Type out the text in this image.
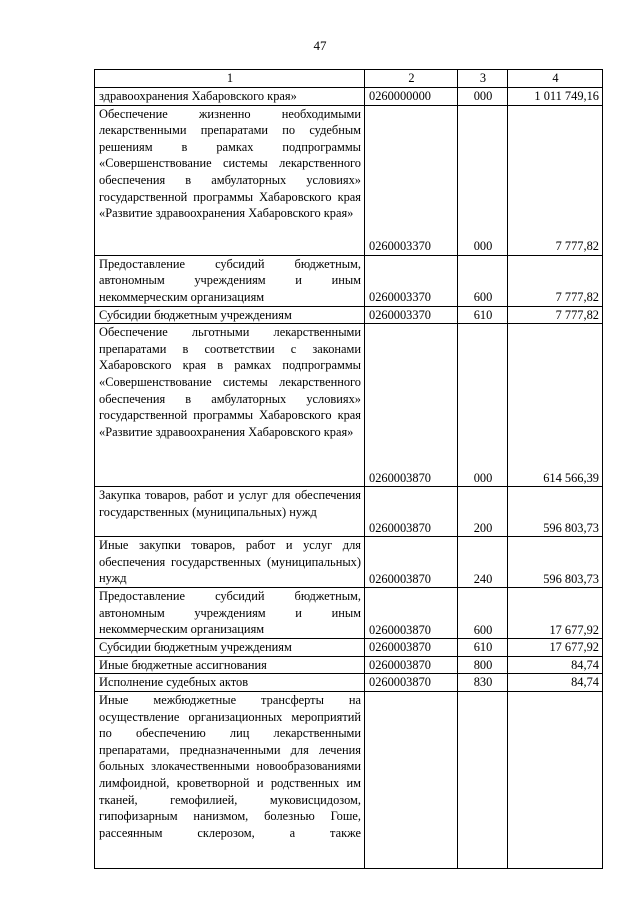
47
1	2	3	4
здравоохранения Хабаровского края»	0260000000	000	1 011 749,16
Обеспечение жизненно необходимыми лекарственными препаратами по судебным решениям в рамках подпрограммы «Совершенствование системы лекарственного обеспечения в амбулаторных условиях» государственной программы Хабаровского края «Развитие здравоохранения Хабаровского края»	0260003370	000	7 777,82
Предоставление субсидий бюджетным, автономным учреждениям и иным некоммерческим организациям	0260003370	600	7 777,82
Субсидии бюджетным учреждениям	0260003370	610	7 777,82
Обеспечение льготными лекарственными препаратами в соответствии с законами Хабаровского края в рамках подпрограммы «Совершенствование системы лекарственного обеспечения в амбулаторных условиях» государственной программы Хабаровского края «Развитие здравоохранения Хабаровского края»	0260003870	000	614 566,39
Закупка товаров, работ и услуг для обеспечения государственных (муниципальных) нужд	0260003870	200	596 803,73
Иные закупки товаров, работ и услуг для обеспечения государственных (муниципальных) нужд	0260003870	240	596 803,73
Предоставление субсидий бюджетным, автономным учреждениям и иным некоммерческим организациям	0260003870	600	17 677,92
Субсидии бюджетным учреждениям	0260003870	610	17 677,92
Иные бюджетные ассигнования	0260003870	800	84,74
Исполнение судебных актов	0260003870	830	84,74
Иные межбюджетные трансферты на осуществление организационных мероприятий по обеспечению лиц лекарственными препаратами, предназначенными для лечения больных злокачественными новообразованиями лимфоидной, кроветворной и родственных им тканей, гемофилией, муковисцидозом, гипофизарным нанизмом, болезнью Гоше, рассеянным склерозом, а также			
